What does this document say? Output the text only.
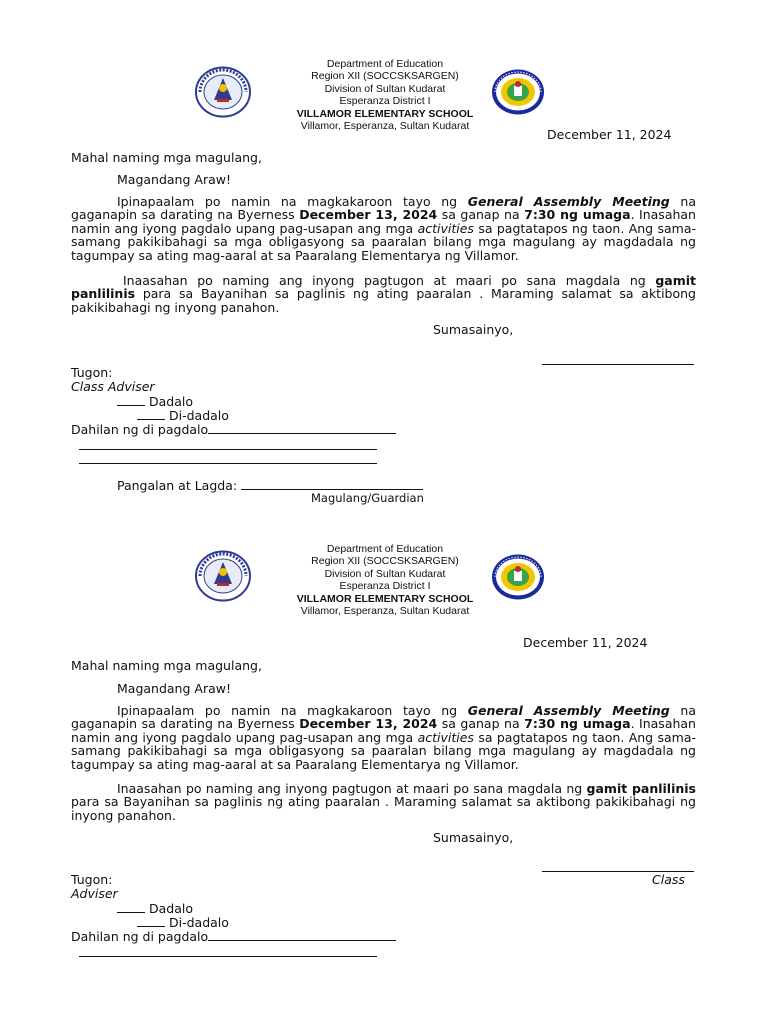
Department of Education
Region XII (SOCCSKSARGEN)
Division of Sultan Kudarat
Esperanza District I
VILLAMOR ELEMENTARY SCHOOL
Villamor, Esperanza, Sultan Kudarat
December 11, 2024
Mahal naming mga magulang,
Magandang Araw!
Ipinapaalam po namin na magkakaroon tayo ng General Assembly Meeting na gaganapin sa darating na Byerness December 13, 2024 sa ganap na 7:30 ng umaga. Inasahan namin ang iyong pagdalo upang pag-usapan ang mga activities sa pagtatapos ng taon. Ang sama-samang pakikibahagi sa mga obligasyong sa paaralan bilang mga magulang ay magdadala ng tagumpay sa ating mag-aaral at sa Paaralang Elementarya ng Villamor.
Inaasahan po naming ang inyong pagtugon at maari po sana magdala ng gamit panlilinis para sa Bayanihan sa paglinis ng ating paaralan . Maraming salamat sa aktibong pakikibahagi ng inyong panahon.
Sumasainyo,
Tugon:
Class Adviser
Dadalo
Di-dadalo
Dahilan ng di pagdalo
Pangalan at Lagda:
Magulang/Guardian
Department of Education
Region XII (SOCCSKSARGEN)
Division of Sultan Kudarat
Esperanza District I
VILLAMOR ELEMENTARY SCHOOL
Villamor, Esperanza, Sultan Kudarat
December 11, 2024
Mahal naming mga magulang,
Magandang Araw!
Ipinapaalam po namin na magkakaroon tayo ng General Assembly Meeting na gaganapin sa darating na Byerness December 13, 2024 sa ganap na 7:30 ng umaga. Inasahan namin ang iyong pagdalo upang pag-usapan ang mga activities sa pagtatapos ng taon. Ang sama-samang pakikibahagi sa mga obligasyong sa paaralan bilang mga magulang ay magdadala ng tagumpay sa ating mag-aaral at sa Paaralang Elementarya ng Villamor.
Inaasahan po naming ang inyong pagtugon at maari po sana magdala ng gamit panlilinis para sa Bayanihan sa paglinis ng ating paaralan . Maraming salamat sa aktibong pakikibahagi ng inyong panahon.
Sumasainyo,
Tugon:	Class
Adviser
Dadalo
Di-dadalo
Dahilan ng di pagdalo
